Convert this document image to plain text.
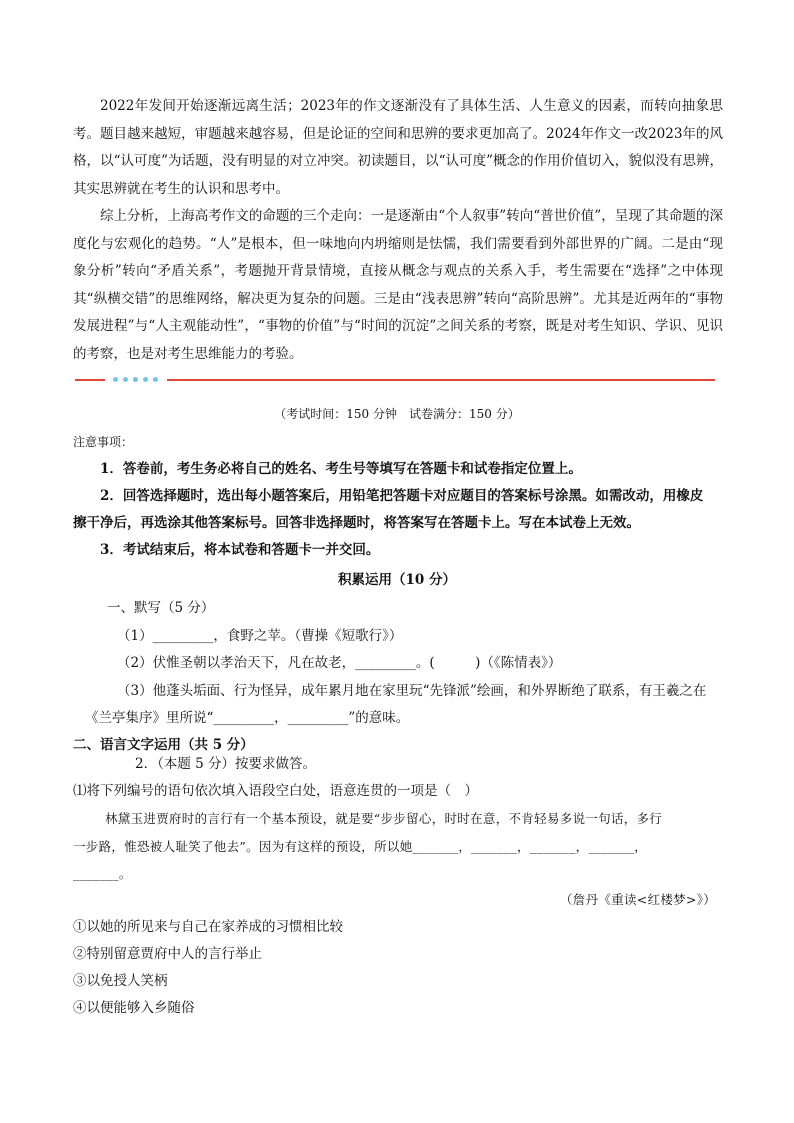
2022年发间开始逐渐远离生活；2023年的作文逐渐没有了具体生活、人生意义的因素，而转向抽象思考。题目越来越短，审题越来越容易，但是论证的空间和思辨的要求更加高了。2024年作文一改2023年的风格，以“认可度”为话题，没有明显的对立冲突。初读题目，以“认可度”概念的作用价值切入，貌似没有思辨，其实思辨就在考生的认识和思考中。

综上分析，上海高考作文的命题的三个走向：一是逐渐由“个人叙事”转向“普世价值”，呈现了其命题的深度化与宏观化的趋势。“人”是根本，但一味地向内坍缩则是怯懦，我们需要看到外部世界的广阔。二是由“现象分析”转向“矛盾关系”，考题抛开背景情境，直接从概念与观点的关系入手，考生需要在“选择”之中体现其“纵横交错”的思维网络，解决更为复杂的问题。三是由“浅表思辨”转向“高阶思辨”。尤其是近两年的“事物发展进程”与“人主观能动性”，“事物的价值”与“时间的沉淀”之间关系的考察，既是对考生知识、学识、见识的考察，也是对考生思维能力的考验。

（考试时间：150 分钟　试卷满分：150 分）

注意事项：

1．答卷前，考生务必将自己的姓名、考生号等填写在答题卡和试卷指定位置上。

2．回答选择题时，选出每小题答案后，用铅笔把答题卡对应题目的答案标号涂黑。如需改动，用橡皮

擦干净后，再选涂其他答案标号。回答非选择题时，将答案写在答题卡上。写在本试卷上无效。

3．考试结束后，将本试卷和答题卡一并交回。

积累运用（10 分）

一、默写（5 分）

（1）_________，食野之苹。（曹操《短歌行》）

（2）伏惟圣朝以孝治天下，凡在故老，_________。(　　　)（《陈情表》）

（3）他蓬头垢面、行为怪异，成年累月地在家里玩“先锋派”绘画，和外界断绝了联系，有王羲之在

《兰亭集序》里所说“_________，_________”的意味。

二、语言文字运用（共 5 分）

2．（本题 5 分）按要求做答。

⑴将下列编号的语句依次填入语段空白处，语意连贯的一项是（　）

林黛玉进贾府时的言行有一个基本预设，就是要“步步留心，时时在意，不肯轻易多说一句话，多行

一步路，惟恐被人耻笑了他去”。因为有这样的预设，所以她_______，_______，_______，_______，

_______。

（詹丹《重读<红楼梦>》）

①以她的所见来与自己在家养成的习惯相比较

②特别留意贾府中人的言行举止

③以免授人笑柄

④以便能够入乡随俗
